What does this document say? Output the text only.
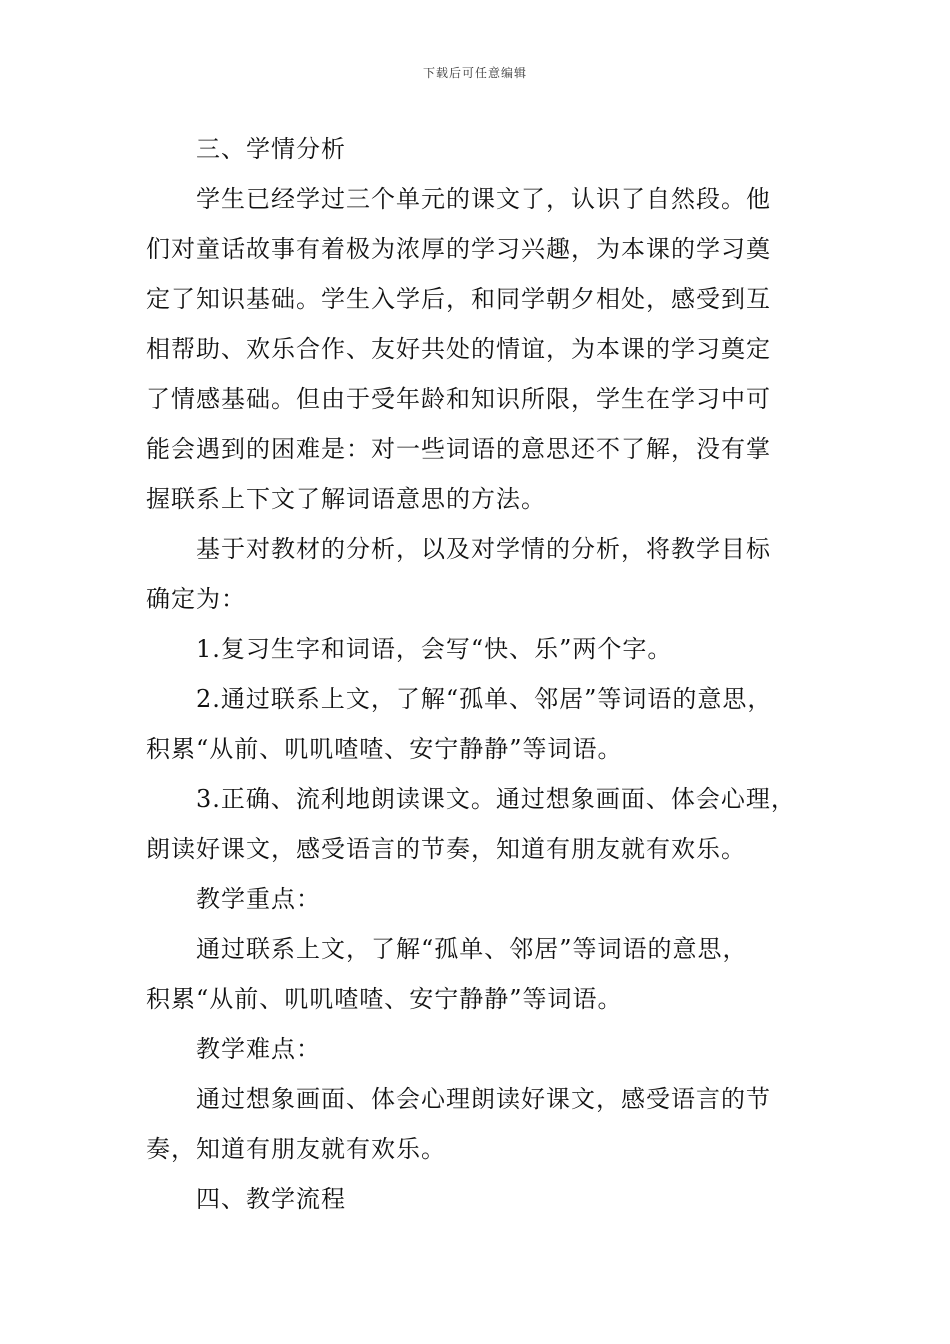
下载后可任意编辑
三、学情分析
学生已经学过三个单元的课文了，认识了自然段。他
们对童话故事有着极为浓厚的学习兴趣，为本课的学习奠
定了知识基础。学生入学后，和同学朝夕相处，感受到互
相帮助、欢乐合作、友好共处的情谊，为本课的学习奠定
了情感基础。但由于受年龄和知识所限，学生在学习中可
能会遇到的困难是：对一些词语的意思还不了解，没有掌
握联系上下文了解词语意思的方法。
基于对教材的分析，以及对学情的分析，将教学目标
确定为：
1.复习生字和词语，会写“快、乐”两个字。
2.通过联系上文，了解“孤单、邻居”等词语的意思，
积累“从前、叽叽喳喳、安宁静静”等词语。
3.正确、流利地朗读课文。通过想象画面、体会心理，
朗读好课文，感受语言的节奏，知道有朋友就有欢乐。
教学重点：
通过联系上文，了解“孤单、邻居”等词语的意思，
积累“从前、叽叽喳喳、安宁静静”等词语。
教学难点：
通过想象画面、体会心理朗读好课文，感受语言的节
奏，知道有朋友就有欢乐。
四、教学流程
